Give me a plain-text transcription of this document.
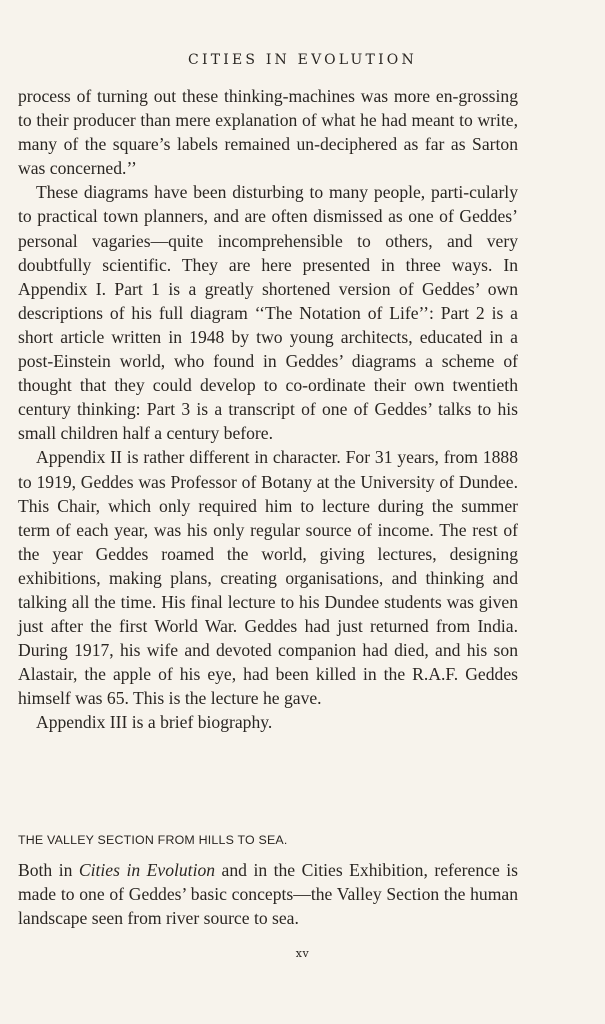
CITIES IN EVOLUTION

process of turning out these thinking-machines was more en-grossing to their producer than mere explanation of what he had meant to write, many of the square’s labels remained un-deciphered as far as Sarton was concerned.’’

These diagrams have been disturbing to many people, parti-cularly to practical town planners, and are often dismissed as one of Geddes’ personal vagaries—quite incomprehensible to others, and very doubtfully scientific. They are here presented in three ways. In Appendix I. Part 1 is a greatly shortened version of Geddes’ own descriptions of his full diagram ‘‘The Notation of Life’’: Part 2 is a short article written in 1948 by two young architects, educated in a post-Einstein world, who found in Geddes’ diagrams a scheme of thought that they could develop to co-ordinate their own twentieth century thinking: Part 3 is a transcript of one of Geddes’ talks to his small children half a century before.

Appendix II is rather different in character. For 31 years, from 1888 to 1919, Geddes was Professor of Botany at the University of Dundee. This Chair, which only required him to lecture during the summer term of each year, was his only regular source of income. The rest of the year Geddes roamed the world, giving lectures, designing exhibitions, making plans, creating organisations, and thinking and talking all the time. His final lecture to his Dundee students was given just after the first World War. Geddes had just returned from India. During 1917, his wife and devoted companion had died, and his son Alastair, the apple of his eye, had been killed in the R.A.F. Geddes himself was 65. This is the lecture he gave.

Appendix III is a brief biography.

THE VALLEY SECTION FROM HILLS TO SEA.

Both in Cities in Evolution and in the Cities Exhibition, reference is made to one of Geddes’ basic concepts—the Valley Section the human landscape seen from river source to sea.

xv
